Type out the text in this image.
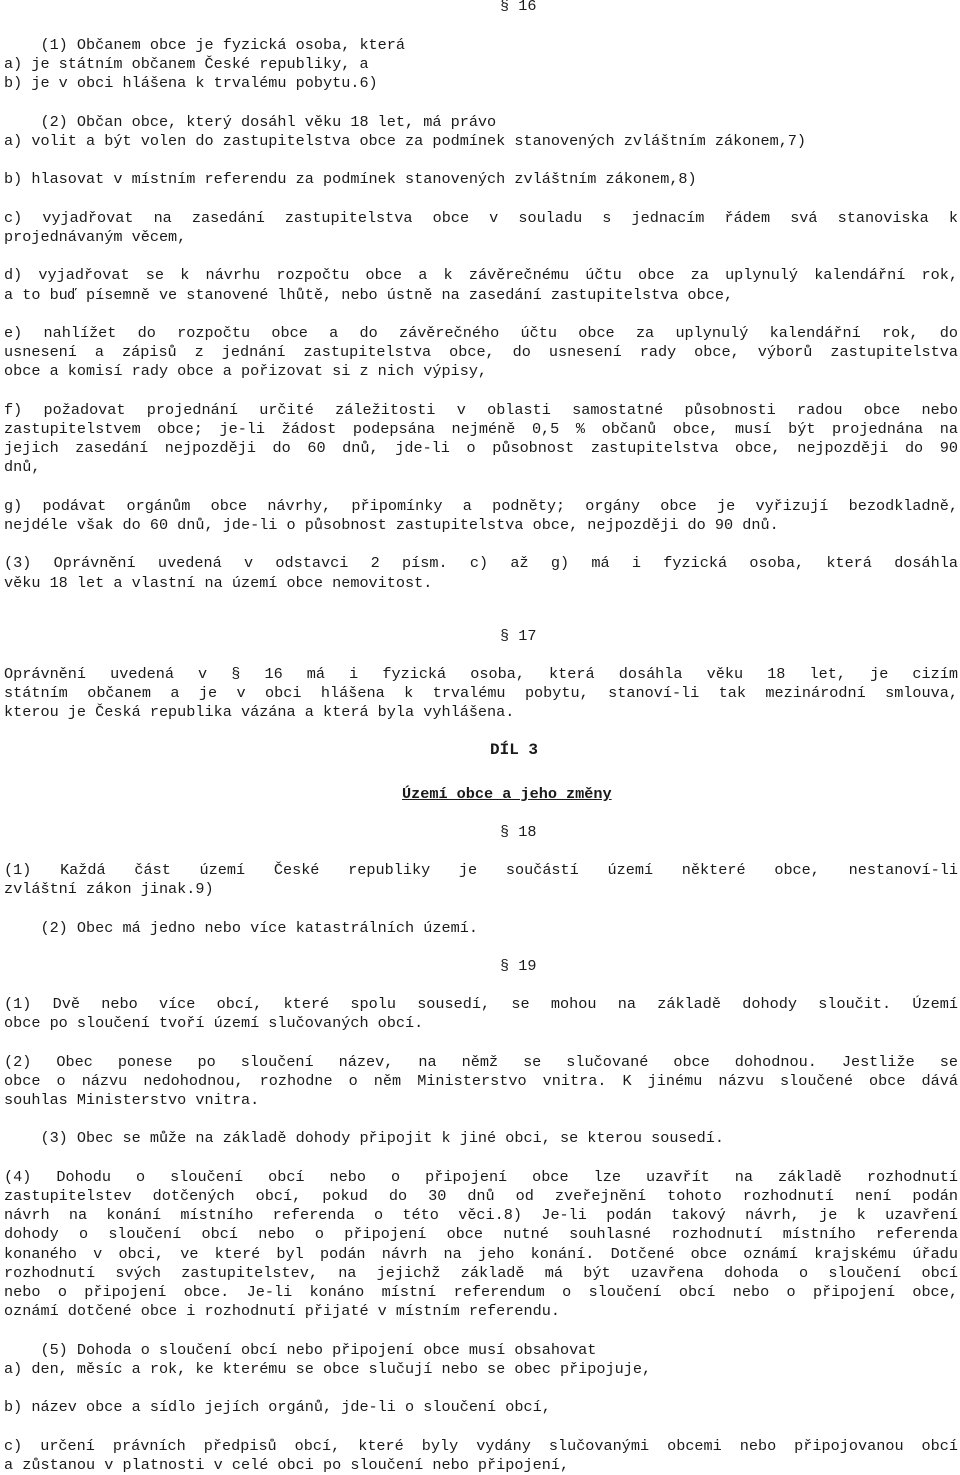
§ 16
(1) Občanem obce je fyzická osoba, která
a) je státním občanem České republiky, a
b) je v obci hlášena k trvalému pobytu.6)
(2) Občan obce, který dosáhl věku 18 let, má právo
a) volit a být volen do zastupitelstva obce za podmínek stanovených zvláštním zákonem,7)
b) hlasovat v místním referendu za podmínek stanovených zvláštním zákonem,8)
c) vyjadřovat na zasedání zastupitelstva obce v souladu s jednacím řádem svá stanoviska k
projednávaným věcem,
d) vyjadřovat se k návrhu rozpočtu obce a k závěrečnému účtu obce za uplynulý kalendářní rok,
a to buď písemně ve stanovené lhůtě, nebo ústně na zasedání zastupitelstva obce,
e) nahlížet do rozpočtu obce a do závěrečného účtu obce za uplynulý kalendářní rok, do
usnesení a zápisů z jednání zastupitelstva obce, do usnesení rady obce, výborů zastupitelstva
obce a komisí rady obce a pořizovat si z nich výpisy,
f) požadovat projednání určité záležitosti v oblasti samostatné působnosti radou obce nebo
zastupitelstvem obce; je-li žádost podepsána nejméně 0,5 % občanů obce, musí být projednána na
jejich zasedání nejpozději do 60 dnů, jde-li o působnost zastupitelstva obce, nejpozději do 90
dnů,
g) podávat orgánům obce návrhy, připomínky a podněty; orgány obce je vyřizují bezodkladně,
nejdéle však do 60 dnů, jde-li o působnost zastupitelstva obce, nejpozději do 90 dnů.
(3) Oprávnění uvedená v odstavci 2 písm. c) až g) má i fyzická osoba, která dosáhla
věku 18 let a vlastní na území obce nemovitost.
§ 17
Oprávnění uvedená v § 16 má i fyzická osoba, která dosáhla věku 18 let, je cizím
státním občanem a je v obci hlášena k trvalému pobytu, stanoví-li tak mezinárodní smlouva,
kterou je Česká republika vázána a která byla vyhlášena.
DÍL 3
Území obce a jeho změny
§ 18
(1) Každá část území České republiky je součástí území některé obce, nestanoví-li
zvláštní zákon jinak.9)
(2) Obec má jedno nebo více katastrálních území.
§ 19
(1) Dvě nebo více obcí, které spolu sousedí, se mohou na základě dohody sloučit. Území
obce po sloučení tvoří území slučovaných obcí.
(2) Obec ponese po sloučení název, na němž se slučované obce dohodnou. Jestliže se
obce o názvu nedohodnou, rozhodne o něm Ministerstvo vnitra. K jinému názvu sloučené obce dává
souhlas Ministerstvo vnitra.
(3) Obec se může na základě dohody připojit k jiné obci, se kterou sousedí.
(4) Dohodu o sloučení obcí nebo o připojení obce lze uzavřít na základě rozhodnutí
zastupitelstev dotčených obcí, pokud do 30 dnů od zveřejnění tohoto rozhodnutí není podán
návrh na konání místního referenda o této věci.8) Je-li podán takový návrh, je k uzavření
dohody o sloučení obcí nebo o připojení obce nutné souhlasné rozhodnutí místního referenda
konaného v obci, ve které byl podán návrh na jeho konání. Dotčené obce oznámí krajskému úřadu
rozhodnutí svých zastupitelstev, na jejichž základě má být uzavřena dohoda o sloučení obcí
nebo o připojení obce. Je-li konáno místní referendum o sloučení obcí nebo o připojení obce,
oznámí dotčené obce i rozhodnutí přijaté v místním referendu.
(5) Dohoda o sloučení obcí nebo připojení obce musí obsahovat
a) den, měsíc a rok, ke kterému se obce slučují nebo se obec připojuje,
b) název obce a sídlo jejích orgánů, jde-li o sloučení obcí,
c) určení právních předpisů obcí, které byly vydány slučovanými obcemi nebo připojovanou obcí
a zůstanou v platnosti v celé obci po sloučení nebo připojení,
